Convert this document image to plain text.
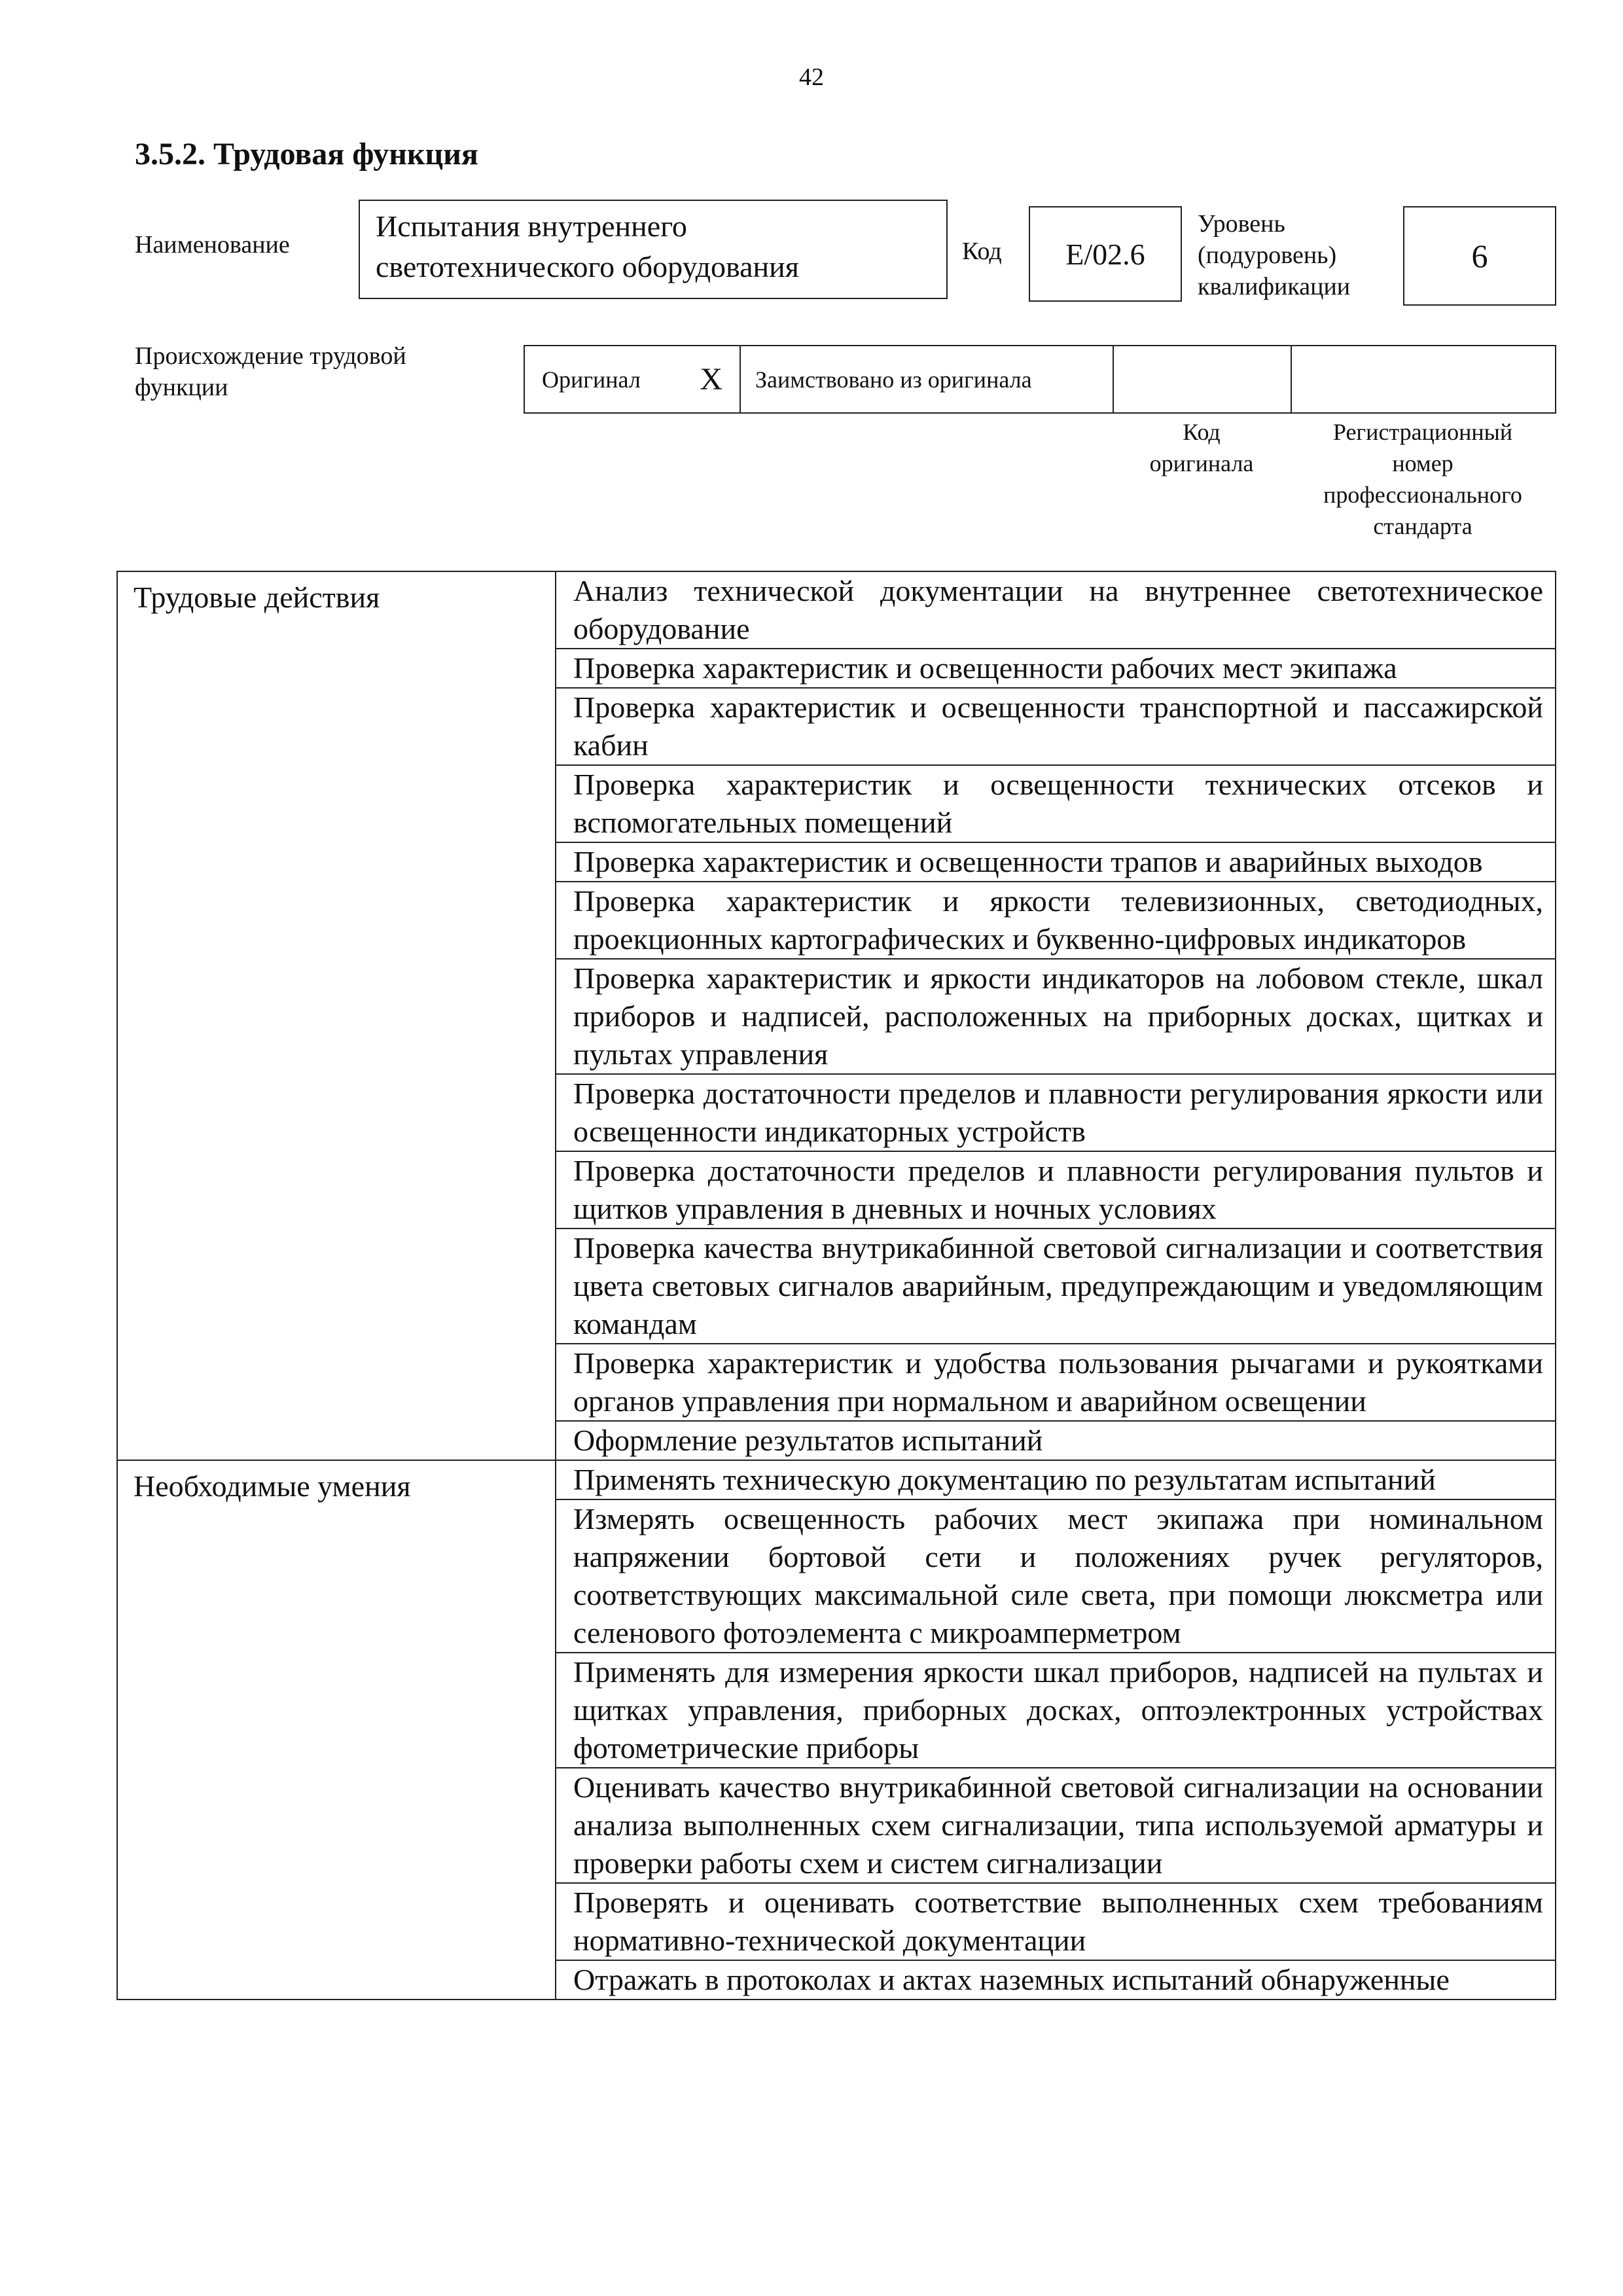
42
3.5.2. Трудовая функция
Наименование
Испытания внутреннего
светотехнического оборудования	Код E/02.6
Уровень
(подуровень)
квалификации
6
Происхождение трудовой
функции	Оригинал X Заимствовано из оригинала
Код
оригинала
Регистрационный
номер
профессионального
стандарта
Трудовые действия	Анализ технической документации на внутреннее светотехническое оборудование
	Проверка характеристик и освещенности рабочих мест экипажа
	Проверка характеристик и освещенности транспортной и пассажирской кабин
	Проверка характеристик и освещенности технических отсеков и вспомогательных помещений
	Проверка характеристик и освещенности трапов и аварийных выходов
	Проверка характеристик и яркости телевизионных, светодиодных, проекционных картографических и буквенно-цифровых индикаторов
	Проверка характеристик и яркости индикаторов на лобовом стекле, шкал приборов и надписей, расположенных на приборных досках, щитках и пультах управления
	Проверка достаточности пределов и плавности регулирования яркости или освещенности индикаторных устройств
	Проверка достаточности пределов и плавности регулирования пультов и щитков управления в дневных и ночных условиях
	Проверка качества внутрикабинной световой сигнализации и соответствия цвета световых сигналов аварийным, предупреждающим и уведомляющим командам
	Проверка характеристик и удобства пользования рычагами и рукоятками органов управления при нормальном и аварийном освещении
	Оформление результатов испытаний
Необходимые умения	Применять техническую документацию по результатам испытаний
	Измерять освещенность рабочих мест экипажа при номинальном напряжении бортовой сети и положениях ручек регуляторов, соответствующих максимальной силе света, при помощи люксметра или селенового фотоэлемента с микроамперметром
	Применять для измерения яркости шкал приборов, надписей на пультах и щитках управления, приборных досках, оптоэлектронных устройствах фотометрические приборы
	Оценивать качество внутрикабинной световой сигнализации на основании анализа выполненных схем сигнализации, типа используемой арматуры и проверки работы схем и систем сигнализации
	Проверять и оценивать соответствие выполненных схем требованиям нормативно-технической документации
	Отражать в протоколах и актах наземных испытаний обнаруженные
